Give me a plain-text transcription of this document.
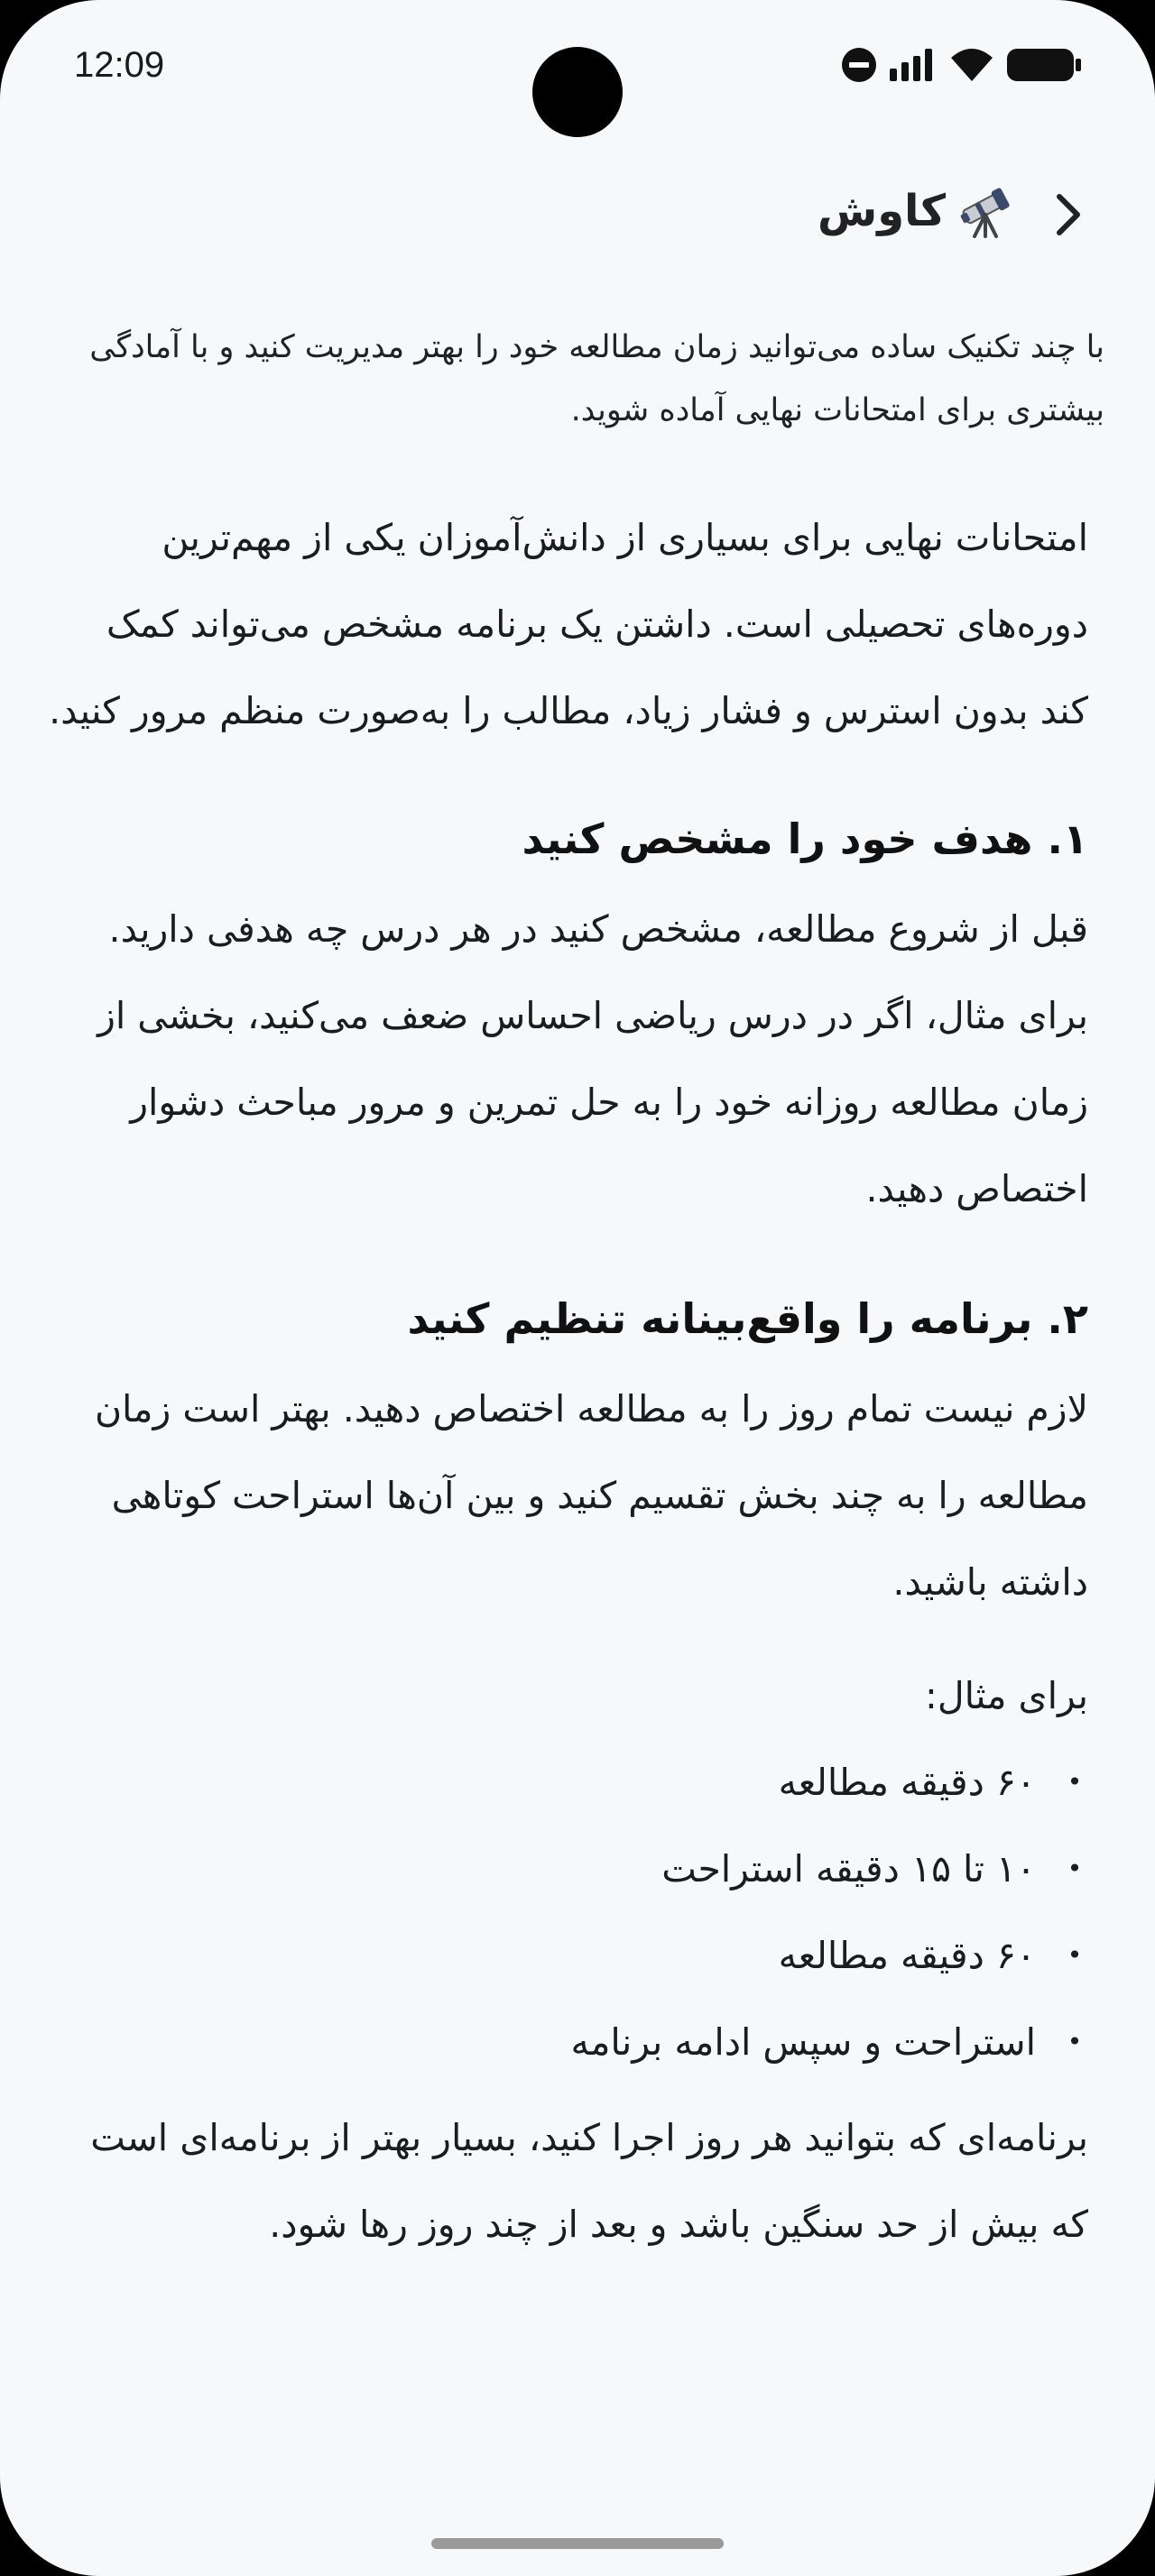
12:09
کاوش

با چند تکنیک ساده می‌توانید زمان مطالعه خود را بهتر مدیریت کنید و با آمادگی بیشتری برای امتحانات نهایی آماده شوید.

امتحانات نهایی برای بسیاری از دانش‌آموزان یکی از مهم‌ترین دوره‌های تحصیلی است. داشتن یک برنامه مشخص می‌تواند کمک کند بدون استرس و فشار زیاد، مطالب را به‌صورت منظم مرور کنید.

۱. هدف خود را مشخص کنید

قبل از شروع مطالعه، مشخص کنید در هر درس چه هدفی دارید. برای مثال، اگر در درس ریاضی احساس ضعف می‌کنید، بخشی از زمان مطالعه روزانه خود را به حل تمرین و مرور مباحث دشوار اختصاص دهید.

۲. برنامه را واقع‌بینانه تنظیم کنید

لازم نیست تمام روز را به مطالعه اختصاص دهید. بهتر است زمان مطالعه را به چند بخش تقسیم کنید و بین آن‌ها استراحت کوتاهی داشته باشید.

برای مثال:

•
۶۰ دقیقه مطالعه
•
۱۰ تا ۱۵ دقیقه استراحت
•
۶۰ دقیقه مطالعه
•
استراحت و سپس ادامه برنامه

برنامه‌ای که بتوانید هر روز اجرا کنید، بسیار بهتر از برنامه‌ای است که بیش از حد سنگین باشد و بعد از چند روز رها شود.
